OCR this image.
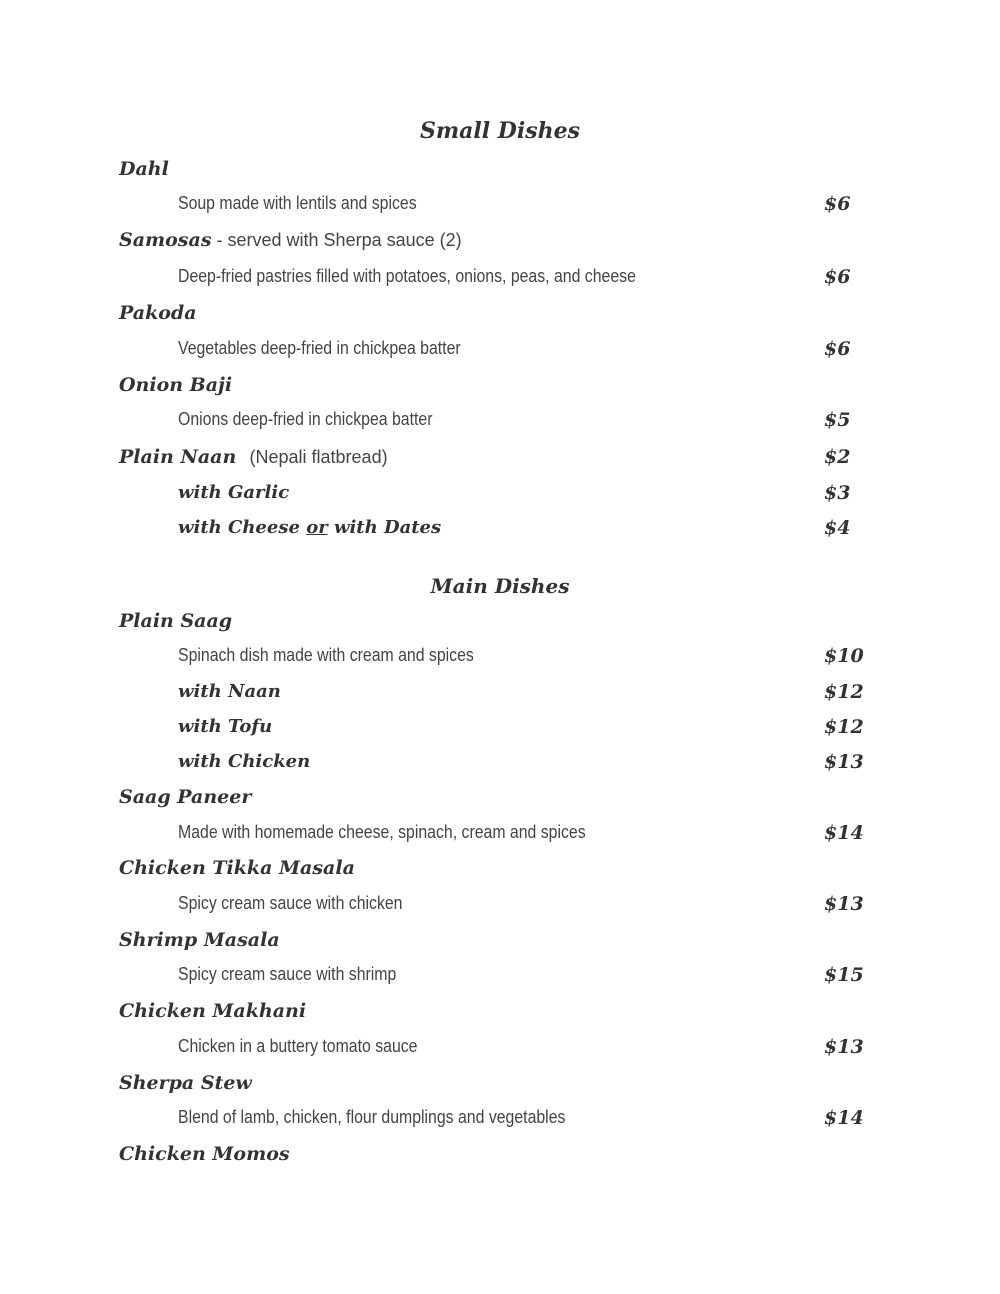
Small Dishes
Dahl
Soup made with lentils and spices	$6
Samosas - served with Sherpa sauce (2)
Deep-fried pastries filled with potatoes, onions, peas, and cheese	$6
Pakoda
Vegetables deep-fried in chickpea batter	$6
Onion Baji
Onions deep-fried in chickpea batter	$5
Plain Naan (Nepali flatbread)	$2
with Garlic	$3
with Cheese or with Dates	$4
Main Dishes
Plain Saag
Spinach dish made with cream and spices	$10
with Naan	$12
with Tofu	$12
with Chicken	$13
Saag Paneer
Made with homemade cheese, spinach, cream and spices	$14
Chicken Tikka Masala
Spicy cream sauce with chicken	$13
Shrimp Masala
Spicy cream sauce with shrimp	$15
Chicken Makhani
Chicken in a buttery tomato sauce	$13
Sherpa Stew
Blend of lamb, chicken, flour dumplings and vegetables	$14
Chicken Momos
